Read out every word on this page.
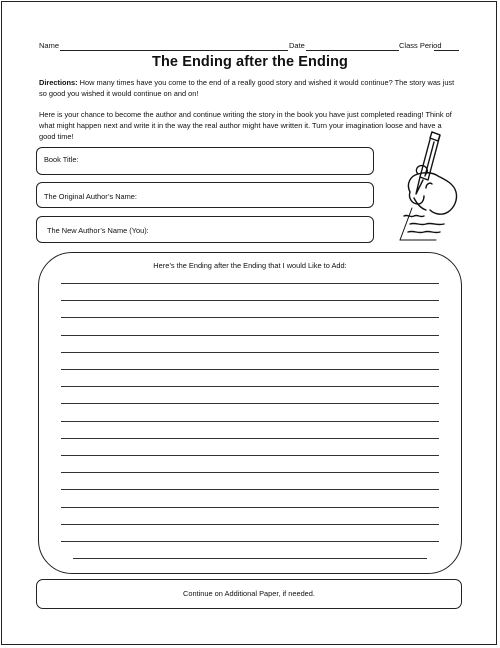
Name	Date	Class Period
The Ending after the Ending
Directions: How many times have you come to the end of a really good story and wished it would continue? The story was just so good you wished it would continue on and on!
Here is your chance to become the author and continue writing the story in the book you have just completed reading! Think of what might happen next and write it in the way the real author might have written it. Turn your imagination loose and have a good time!
Book Title:
The Original Author’s Name:
The New Author’s Name (You):
Here’s the Ending after the Ending that I would Like to Add:
Continue on Additional Paper, if needed.
